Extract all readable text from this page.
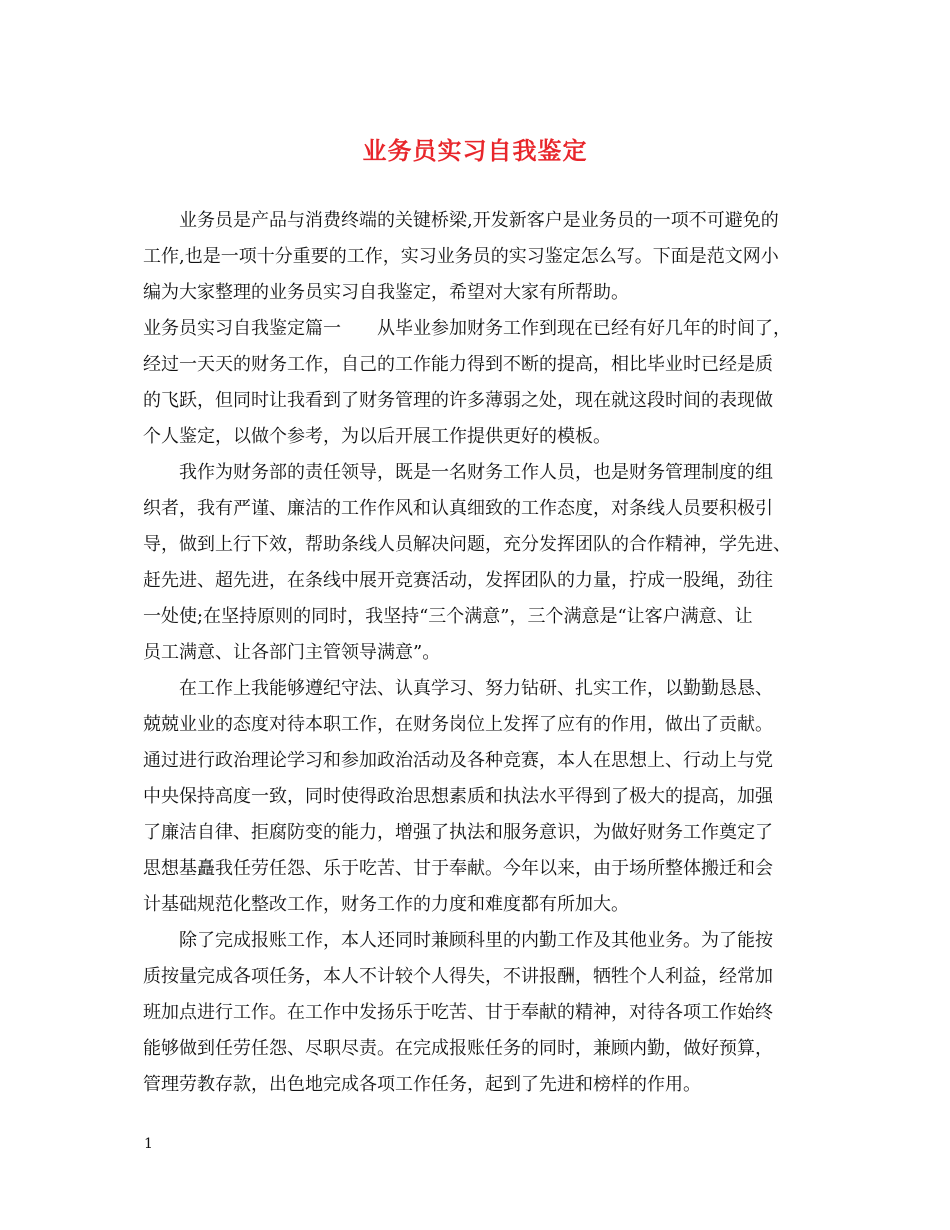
业务员实习自我鉴定
业务员是产品与消费终端的关键桥梁,开发新客户是业务员的一项不可避免的
工作,也是一项十分重要的工作，实习业务员的实习鉴定怎么写。下面是范文网小
编为大家整理的业务员实习自我鉴定，希望对大家有所帮助。
业务员实习自我鉴定篇一　　从毕业参加财务工作到现在已经有好几年的时间了，
经过一天天的财务工作，自己的工作能力得到不断的提高，相比毕业时已经是质
的飞跃，但同时让我看到了财务管理的许多薄弱之处，现在就这段时间的表现做
个人鉴定，以做个参考，为以后开展工作提供更好的模板。
我作为财务部的责任领导，既是一名财务工作人员，也是财务管理制度的组
织者，我有严谨、廉洁的工作作风和认真细致的工作态度，对条线人员要积极引
导，做到上行下效，帮助条线人员解决问题，充分发挥团队的合作精神，学先进、
赶先进、超先进，在条线中展开竞赛活动，发挥团队的力量，拧成一股绳，劲往
一处使;在坚持原则的同时，我坚持“三个满意”，三个满意是“让客户满意、让
员工满意、让各部门主管领导满意”。
在工作上我能够遵纪守法、认真学习、努力钻研、扎实工作，以勤勤恳恳、
兢兢业业的态度对待本职工作，在财务岗位上发挥了应有的作用，做出了贡献。
通过进行政治理论学习和参加政治活动及各种竞赛，本人在思想上、行动上与党
中央保持高度一致，同时使得政治思想素质和执法水平得到了极大的提高，加强
了廉洁自律、拒腐防变的能力，增强了执法和服务意识，为做好财务工作奠定了
思想基矗我任劳任怨、乐于吃苦、甘于奉献。今年以来，由于场所整体搬迁和会
计基础规范化整改工作，财务工作的力度和难度都有所加大。
除了完成报账工作，本人还同时兼顾科里的内勤工作及其他业务。为了能按
质按量完成各项任务，本人不计较个人得失，不讲报酬，牺牲个人利益，经常加
班加点进行工作。在工作中发扬乐于吃苦、甘于奉献的精神，对待各项工作始终
能够做到任劳任怨、尽职尽责。在完成报账任务的同时，兼顾内勤，做好预算，
管理劳教存款，出色地完成各项工作任务，起到了先进和榜样的作用。
1
